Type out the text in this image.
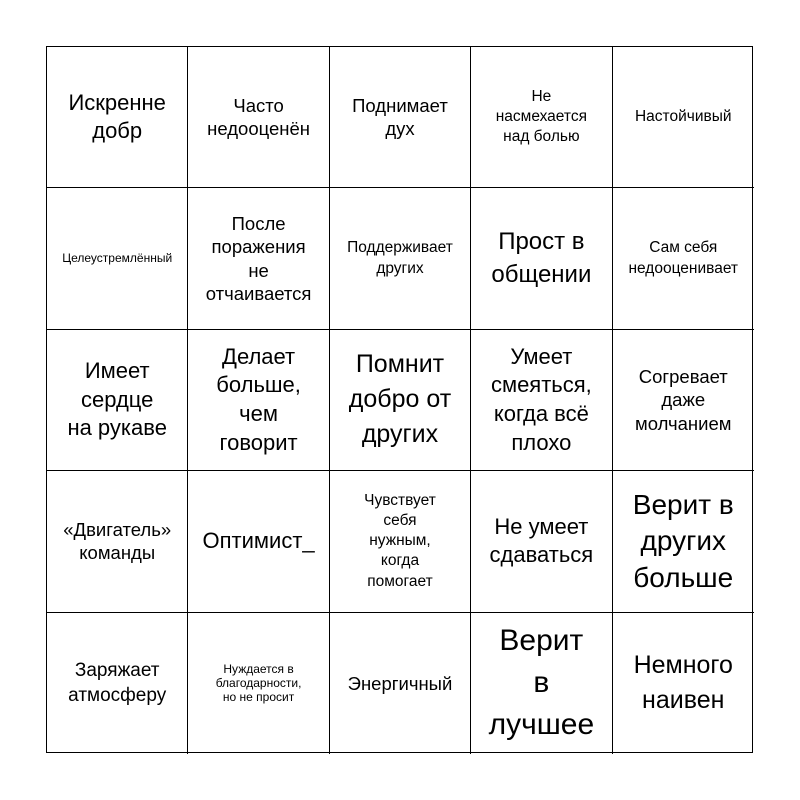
Искренне
добр
Часто
недооценён
Поднимает
дух
Не
насмехается
над болью
Настойчивый
Целеустремлённый
После
поражения
не
отчаивается
Поддерживает
других
Прост в
общении
Сам себя
недооценивает
Имеет
сердце
на рукаве
Делает
больше,
чем
говорит
Помнит
добро от
других
Умеет
смеяться,
когда всё
плохо
Согревает
даже
молчанием
«Двигатель»
команды	Оптимист_
Чувствует
себя
нужным,
когда
помогает
Не умеет
сдаваться
Верит в
других
больше
Заряжает
атмосферу
Нуждается в
благодарности,
но не просит
Энергичный
Верит
в
лучшее
Немного
наивен
